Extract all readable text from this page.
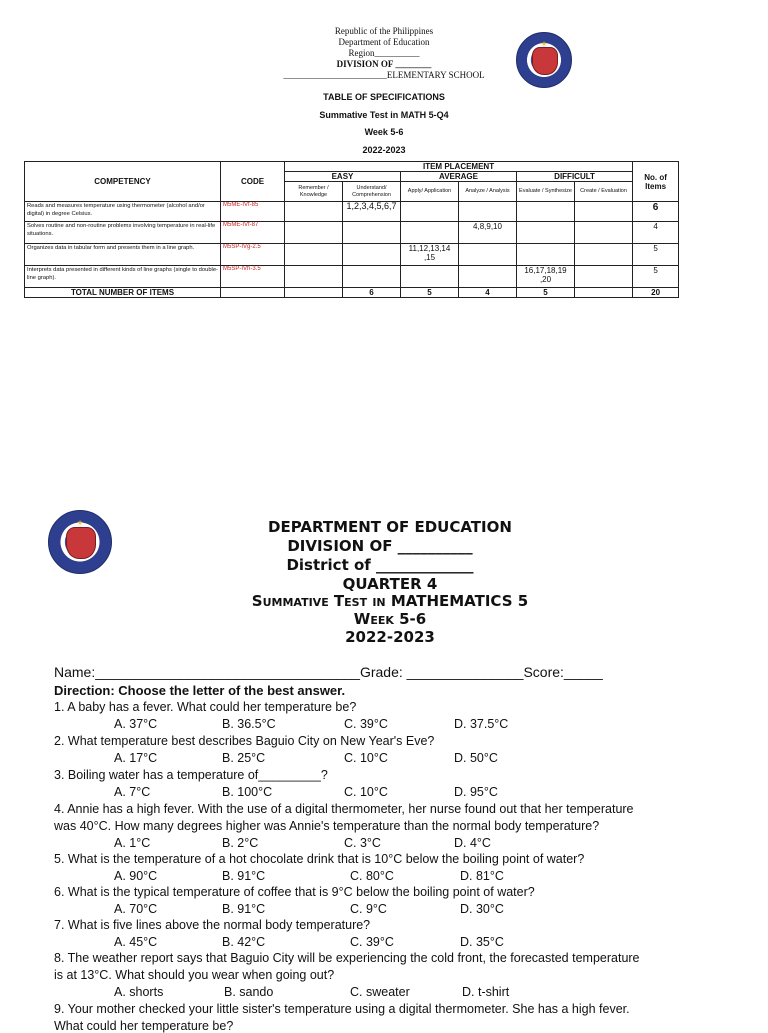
Republic of the Philippines
Department of Education
Region__________
DIVISION OF ________
_______________________ELEMENTARY SCHOOL
★
TABLE OF SPECIFICATIONS
Summative Test in MATH 5-Q4
Week 5-6
2022-2023
COMPETENCY	CODE	ITEM PLACEMENT						No. of Items
		EASY		AVERAGE		DIFFICULT		
		Remember / Knowledge	Understand/ Comprehension	Apply/ Application	Analyze / Analysis	Evaluate / Synthesize	Create / Evaluation	
Reads and measures temperature using thermometer (alcohol and/or digital) in degree Celsius.	M5ME-IVf-85		1,2,3,4,5,6,7					6
Solves routine and non-routine problems involving temperature in real-life situations.	M5ME-IVf-87				4,8,9,10			4
Organizes data in tabular form and presents them in a line graph.	M5SP-IVg-2.5			11,12,13,14 ,15				5
Interprets data presented in different kinds of line graphs (single to double-line graph).	M5SP-IVh-3.5					16,17,18,19 ,20		5
TOTAL NUMBER OF ITEMS			6	5	4	5		20
★	DEPARTMENT OF EDUCATION
DIVISION OF __________
District of _____________
QUARTER 4
Summative Test in MATHEMATICS 5
Week 5-6
2022-2023
Name:__________________________________Grade: _______________Score:_____
Direction: Choose the letter of the best answer.
1. A baby has a fever. What could her temperature be?
A. 37°C	B. 36.5°C	C. 39°C	D. 37.5°C
2. What temperature best describes Baguio City on New Year's Eve?
A. 17°C	B. 25°C	C. 10°C	D. 50°C
3. Boiling water has a temperature of_________?
A. 7°C	B. 100°C	C. 10°C	D. 95°C
4. Annie has a high fever. With the use of a digital thermometer, her nurse found out that her temperature
was 40°C. How many degrees higher was Annie's temperature than the normal body temperature?
A. 1°C	B. 2°C	C. 3°C	D. 4°C
5. What is the temperature of a hot chocolate drink that is 10°C below the boiling point of water?
A. 90°C	B. 91°C	C. 80°C	D. 81°C
6. What is the typical temperature of coffee that is 9°C below the boiling point of water?
A. 70°C	B. 91°C	C. 9°C	D. 30°C
7. What is five lines above the normal body temperature?
A. 45°C	B. 42°C	C. 39°C	D. 35°C
8. The weather report says that Baguio City will be experiencing the cold front, the forecasted temperature
is at 13°C. What should you wear when going out?
A. shorts	B. sando	C. sweater	D. t-shirt
9. Your mother checked your little sister's temperature using a digital thermometer. She has a high fever.
What could her temperature be?
